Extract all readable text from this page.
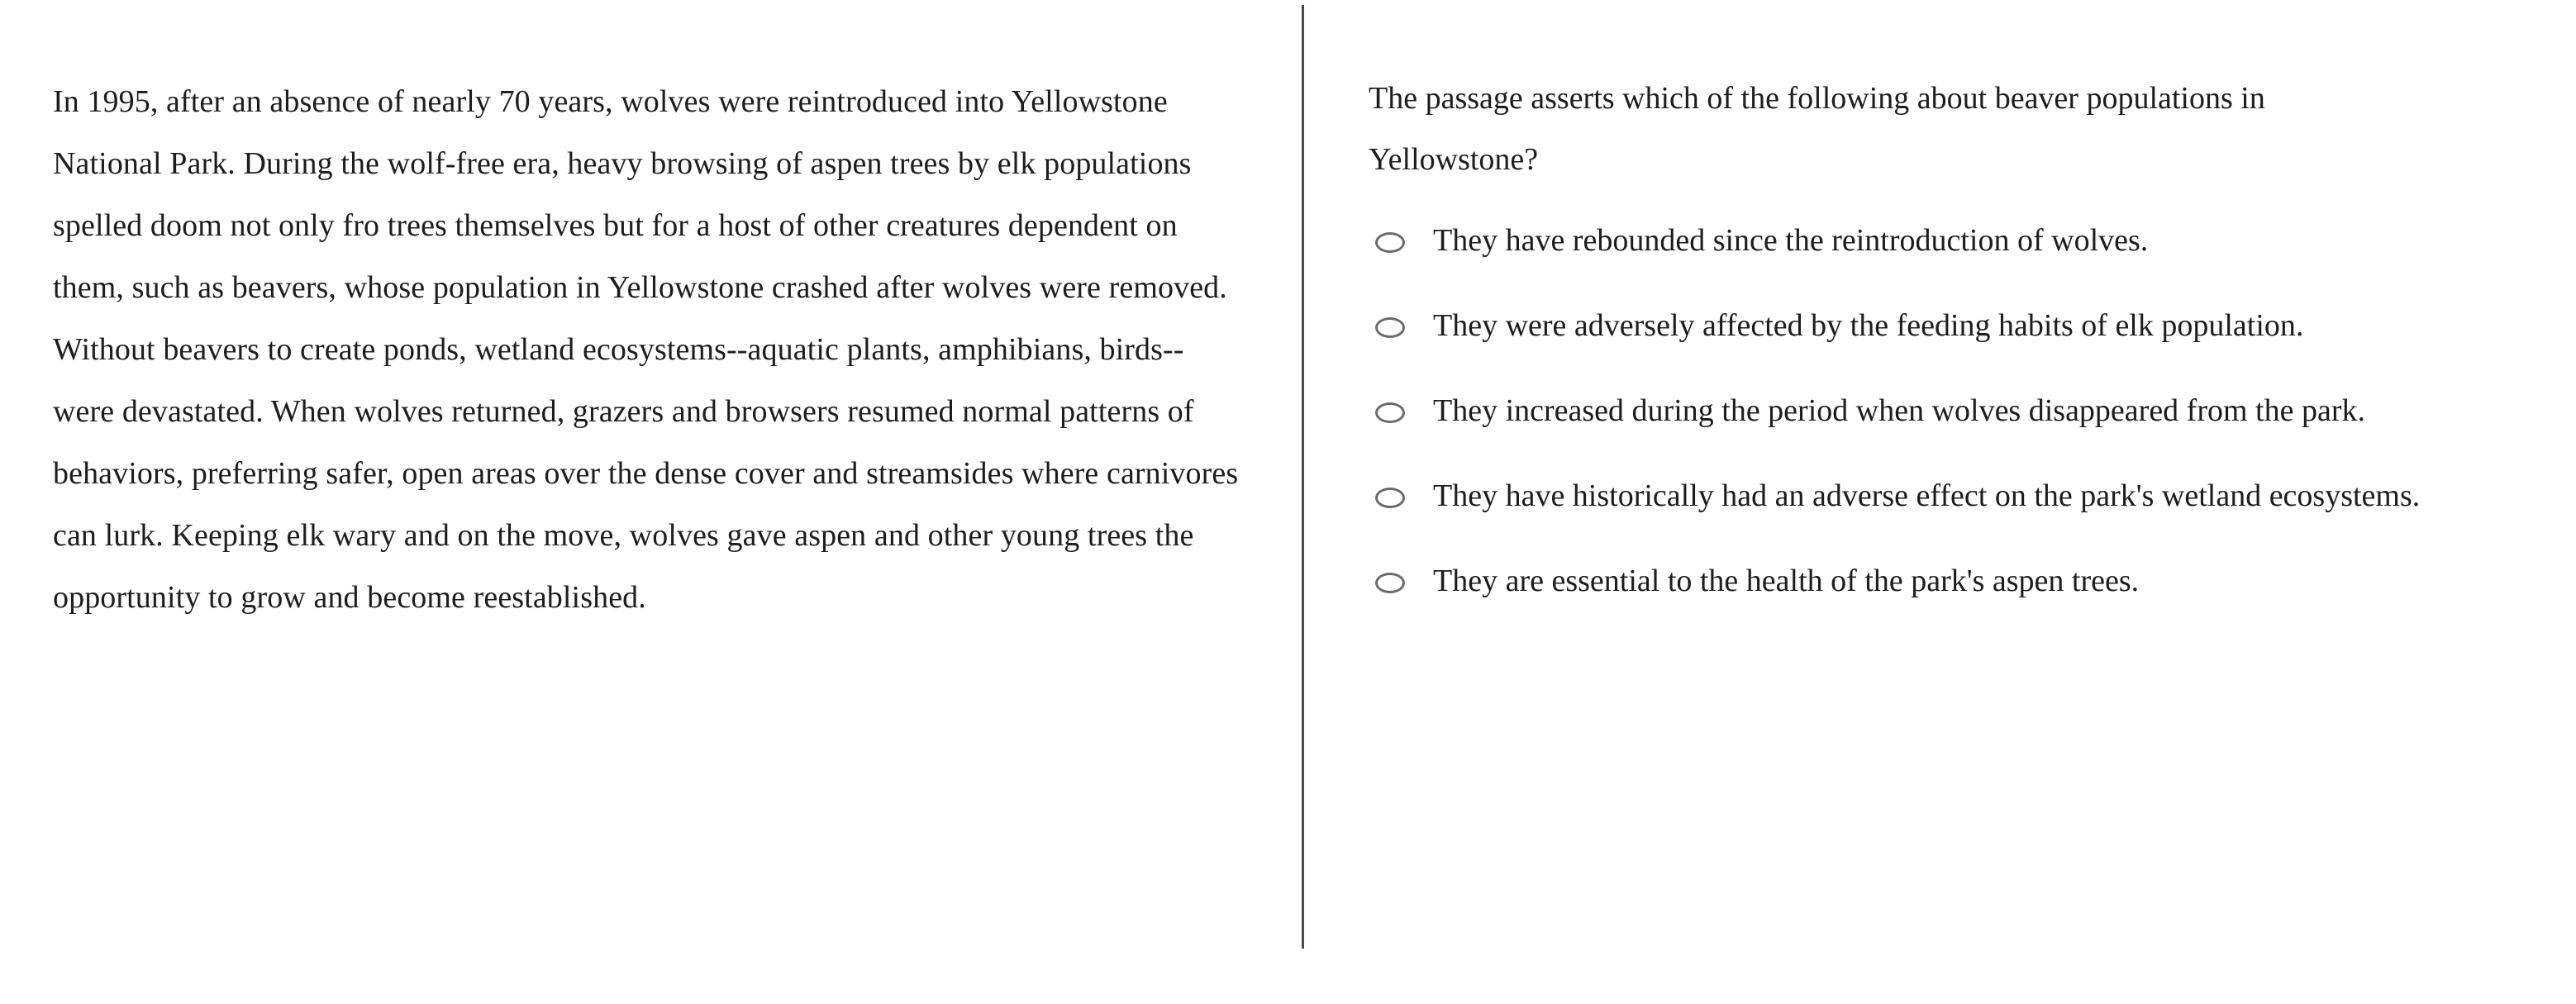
In 1995, after an absence of nearly 70 years, wolves were reintroduced into Yellowstone National Park. During the wolf-free era, heavy browsing of aspen trees by elk populations spelled doom not only fro trees themselves but for a host of other creatures dependent on them, such as beavers, whose population in Yellowstone crashed after wolves were removed. Without beavers to create ponds, wetland ecosystems--aquatic plants, amphibians, birds--were devastated. When wolves returned, grazers and browsers resumed normal patterns of behaviors, preferring safer, open areas over the dense cover and streamsides where carnivores can lurk. Keeping elk wary and on the move, wolves gave aspen and other young trees the opportunity to grow and become reestablished.

The passage asserts which of the following about beaver populations in Yellowstone?

They have rebounded since the reintroduction of wolves.
They were adversely affected by the feeding habits of elk population.
They increased during the period when wolves disappeared from the park.
They have historically had an adverse effect on the park's wetland ecosystems.
They are essential to the health of the park's aspen trees.
